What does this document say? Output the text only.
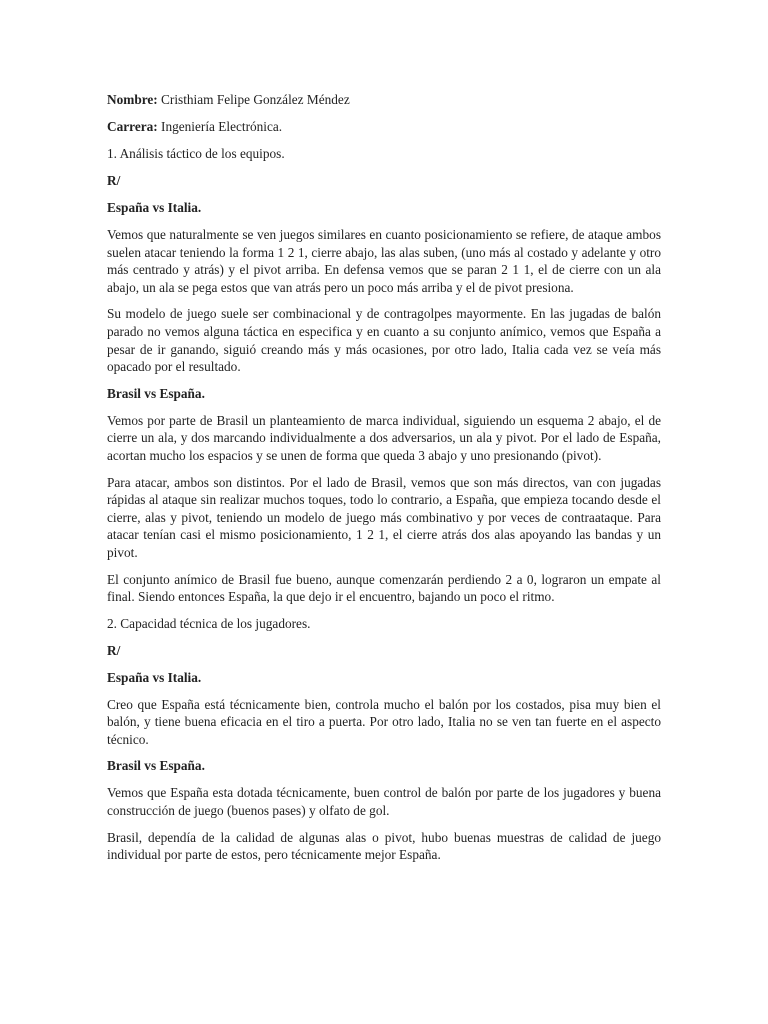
Nombre: Cristhiam Felipe González Méndez
Carrera: Ingeniería Electrónica.
1. Análisis táctico de los equipos.
R/
España vs Italia.

Vemos que naturalmente se ven juegos similares en cuanto posicionamiento se refiere, de ataque ambos suelen atacar teniendo la forma 1 2 1, cierre abajo, las alas suben, (uno más al costado y adelante y otro más centrado y atrás) y el pivot arriba. En defensa vemos que se paran 2 1 1, el de cierre con un ala abajo, un ala se pega estos que van atrás pero un poco más arriba y el de pivot presiona.

Su modelo de juego suele ser combinacional y de contragolpes mayormente. En las jugadas de balón parado no vemos alguna táctica en especifica y en cuanto a su conjunto anímico, vemos que España a pesar de ir ganando, siguió creando más y más ocasiones, por otro lado, Italia cada vez se veía más opacado por el resultado.

Brasil vs España.

Vemos por parte de Brasil un planteamiento de marca individual, siguiendo un esquema 2 abajo, el de cierre un ala, y dos marcando individualmente a dos adversarios, un ala y pivot. Por el lado de España, acortan mucho los espacios y se unen de forma que queda 3 abajo y uno presionando (pivot).

Para atacar, ambos son distintos. Por el lado de Brasil, vemos que son más directos, van con jugadas rápidas al ataque sin realizar muchos toques, todo lo contrario, a España, que empieza tocando desde el cierre, alas y pivot, teniendo un modelo de juego más combinativo y por veces de contraataque. Para atacar tenían casi el mismo posicionamiento, 1 2 1, el cierre atrás dos alas apoyando las bandas y un pivot.

El conjunto anímico de Brasil fue bueno, aunque comenzarán perdiendo 2 a 0, lograron un empate al final. Siendo entonces España, la que dejo ir el encuentro, bajando un poco el ritmo.

2. Capacidad técnica de los jugadores.
R/
España vs Italia.

Creo que España está técnicamente bien, controla mucho el balón por los costados, pisa muy bien el balón, y tiene buena eficacia en el tiro a puerta. Por otro lado, Italia no se ven tan fuerte en el aspecto técnico.

Brasil vs España.

Vemos que España esta dotada técnicamente, buen control de balón por parte de los jugadores y buena construcción de juego (buenos pases) y olfato de gol.

Brasil, dependía de la calidad de algunas alas o pivot, hubo buenas muestras de calidad de juego individual por parte de estos, pero técnicamente mejor España.
